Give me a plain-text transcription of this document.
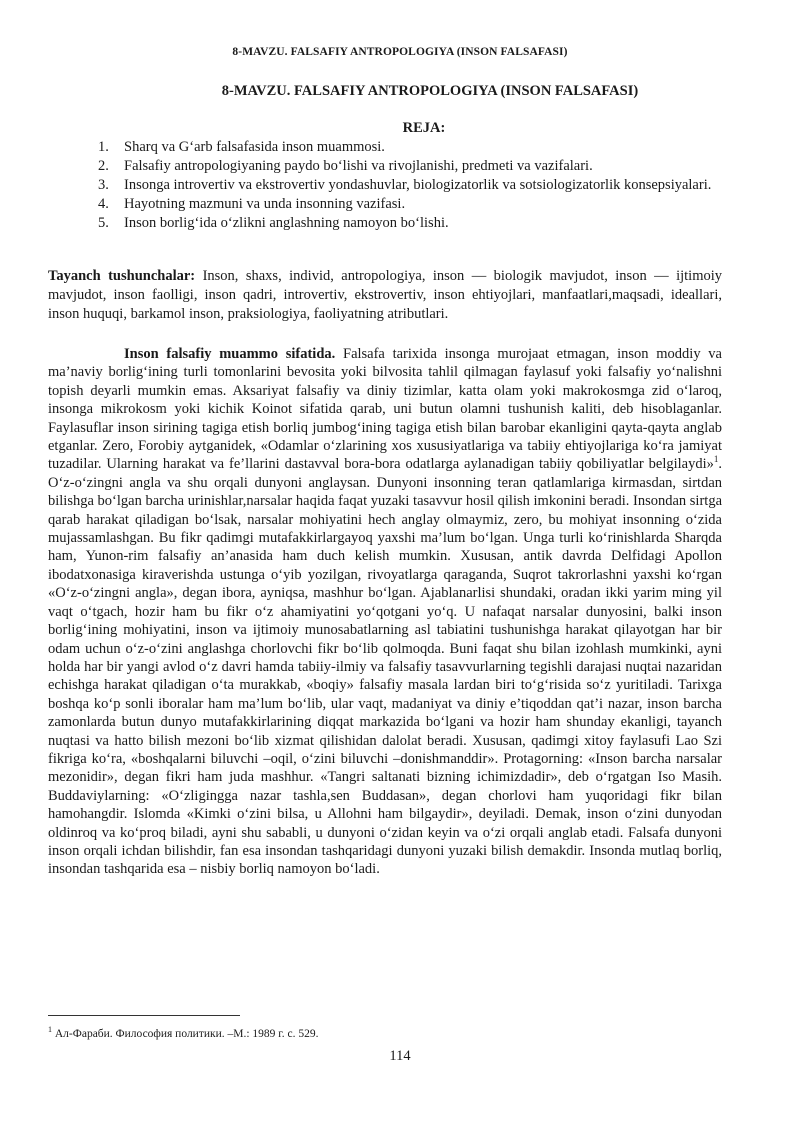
8-MAVZU. FALSAFIY ANTROPOLOGIYA (INSON FALSAFASI)
8-MAVZU. FALSAFIY ANTROPOLOGIYA (INSON FALSAFASI)
REJA:
1. Sharq va G‘arb falsafasida inson muammosi.
2. Falsafiy antropologiyaning paydo bo‘lishi va rivojlanishi, predmeti va vazifalari.
3. Insonga introvertiv va ekstrovertiv yondashuvlar, biologizatorlik va sotsiologizatorlik konsepsiyalari.
4. Hayotning mazmuni va unda insonning vazifasi.
5. Inson borlig‘ida o‘zlikni anglashning namoyon bo‘lishi.
Tayanch tushunchalar: Inson, shaxs, individ, antropologiya, inson — biologik mavjudot, inson — ijtimoiy mavjudot, inson faolligi, inson qadri, introvertiv, ekstrovertiv, inson ehtiyojlari, manfaatlari,maqsadi, ideallari, inson huquqi, barkamol inson, praksiologiya, faoliyatning atributlari.

Inson falsafiy muammo sifatida. Falsafa tarixida insonga murojaat etmagan, inson moddiy va ma’naviy borlig‘ining turli tomonlarini bevosita yoki bilvosita tahlil qilmagan faylasuf yoki falsafiy yo‘nalishni topish deyarli mumkin emas. Aksariyat falsafiy va diniy tizimlar, katta olam yoki makrokosmga zid o‘laroq, insonga mikrokosm yoki kichik Koinot sifatida qarab, uni butun olamni tushunish kaliti, deb hisoblaganlar. Faylasuflar inson sirining tagiga etish borliq jumbog‘ining tagiga etish bilan barobar ekanligini qayta-qayta anglab etganlar. Zero, Forobiy aytganidek, «Odamlar o‘zlarining xos xususiyatlariga va tabiiy ehtiyojlariga ko‘ra jamiyat tuzadilar. Ularning harakat va fe’llarini dastavval bora-bora odatlarga aylanadigan tabiiy qobiliyatlar belgilaydi»$^1$. O‘z-o‘zingni angla va shu orqali dunyoni anglaysan. Dunyoni insonning teran qatlamlariga kirmasdan, sirtdan bilishga bo‘lgan barcha urinishlar,narsalar haqida faqat yuzaki tasavvur hosil qilish imkonini beradi. Insondan sirtga qarab harakat qiladigan bo‘lsak, narsalar mohiyatini hech anglay olmaymiz, zero, bu mohiyat insonning o‘zida mujassamlashgan. Bu fikr qadimgi mutafakkirlargayoq yaxshi ma’lum bo‘lgan. Unga turli ko‘rinishlarda Sharqda ham, Yunon-rim falsafiy an’anasida ham duch kelish mumkin. Xususan, antik davrda Delfidagi Apollon ibodatxonasiga kiraverishda ustunga o‘yib yozilgan, rivoyatlarga qaraganda, Suqrot takrorlashni yaxshi ko‘rgan «O‘z-o‘zingni angla», degan ibora, ayniqsa, mashhur bo‘lgan. Ajablanarlisi shundaki, oradan ikki yarim ming yil vaqt o‘tgach, hozir ham bu fikr o‘z ahamiyatini yo‘qotgani yo‘q. U nafaqat narsalar dunyosini, balki inson borlig‘ining mohiyatini, inson va ijtimoiy munosabatlarning asl tabiatini tushunishga harakat qilayotgan har bir odam uchun o‘z-o‘zini anglashga chorlovchi fikr bo‘lib qolmoqda. Buni faqat shu bilan izohlash mumkinki, ayni holda har bir yangi avlod o‘z davri hamda tabiiy-ilmiy va falsafiy tasavvurlarning tegishli darajasi nuqtai nazaridan echishga harakat qiladigan o‘ta murakkab, «boqiy» falsafiy masala lardan biri to‘g‘risida so‘z yuritiladi. Tarixga boshqa ko‘p sonli iboralar ham ma’lum bo‘lib, ular vaqt, madaniyat va diniy e’tiqoddan qat’i nazar, inson barcha zamonlarda butun dunyo mutafakkirlarining diqqat markazida bo‘lgani va hozir ham shunday ekanligi, tayanch nuqtasi va hatto bilish mezoni bo‘lib xizmat qilishidan dalolat beradi. Xususan, qadimgi xitoy faylasufi Lao Szi fikriga ko‘ra, «boshqalarni biluvchi –oqil, o‘zini biluvchi –donishmanddir». Protagorning: «Inson barcha narsalar mezonidir», degan fikri ham juda mashhur. «Tangri saltanati bizning ichimizdadir», deb o‘rgatgan Iso Masih. Buddaviylarning: «O‘zligingga nazar tashla,sen Buddasan», degan chorlovi ham yuqoridagi fikr bilan hamohangdir. Islomda «Kimki o‘zini bilsa, u Allohni ham bilgaydir», deyiladi. Demak, inson o‘zini dunyodan oldinroq va ko‘proq biladi, ayni shu sababli, u dunyoni o‘zidan keyin va o‘zi orqali anglab etadi. Falsafa dunyoni inson orqali ichdan bilishdir, fan esa insondan tashqaridagi dunyoni yuzaki bilish demakdir. Insonda mutlaq borliq, insondan tashqarida esa – nisbiy borliq namoyon bo‘ladi.

$^1$ Ал-Фараби. Философия политики. –М.: 1989 г. с. 529.
114
